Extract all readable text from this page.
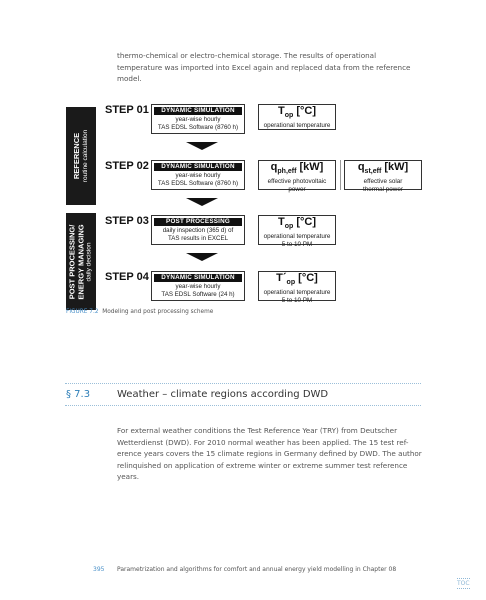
thermo-chemical or electro-chemical storage. The results of operational temperature was imported into Excel again and replaced data from the reference model.
REFERENCE routine calculation
POST PROCESSING/ ENERGY MANAGING daily decision
STEP 01	DYNAMIC SIMULATION
year-wise hourly
TAS EDSL Software (8760 h)
$T_{op}$ [°C]
operational temperature
STEP 02	DYNAMIC SIMULATION
year-wise hourly
TAS EDSL Software (8760 h)
$q_{ph,eff}$ [kW]
effective photovoltaic
power
$q_{st,eff}$ [kW]
effective solar
thermal power
STEP 03	POST PROCESSING
daily inspection (365 d) of
TAS results in EXCEL
$T_{op}$ [°C]
operational temperature
5 to 10 PM
STEP 04	DYNAMIC SIMULATION
year-wise hourly
TAS EDSL Software (24 h)
$T´_{op}$ [°C]
operational temperature
5 to 10 PM
FIGURE 7.2 Modeling and post processing scheme
§ 7.3	Weather – climate regions according DWD
For external weather conditions the Test Reference Year (TRY) from Deutscher Wetterdienst (DWD). For 2010 normal weather has been applied. The 15 test ref-erence years covers the 15 climate regions in Germany defined by DWD. The author relinquished on application of extreme winter or extreme summer test reference years.
395 Parametrization and algorithms for comfort and annual energy yield modelling in Chapter 08
TOC
